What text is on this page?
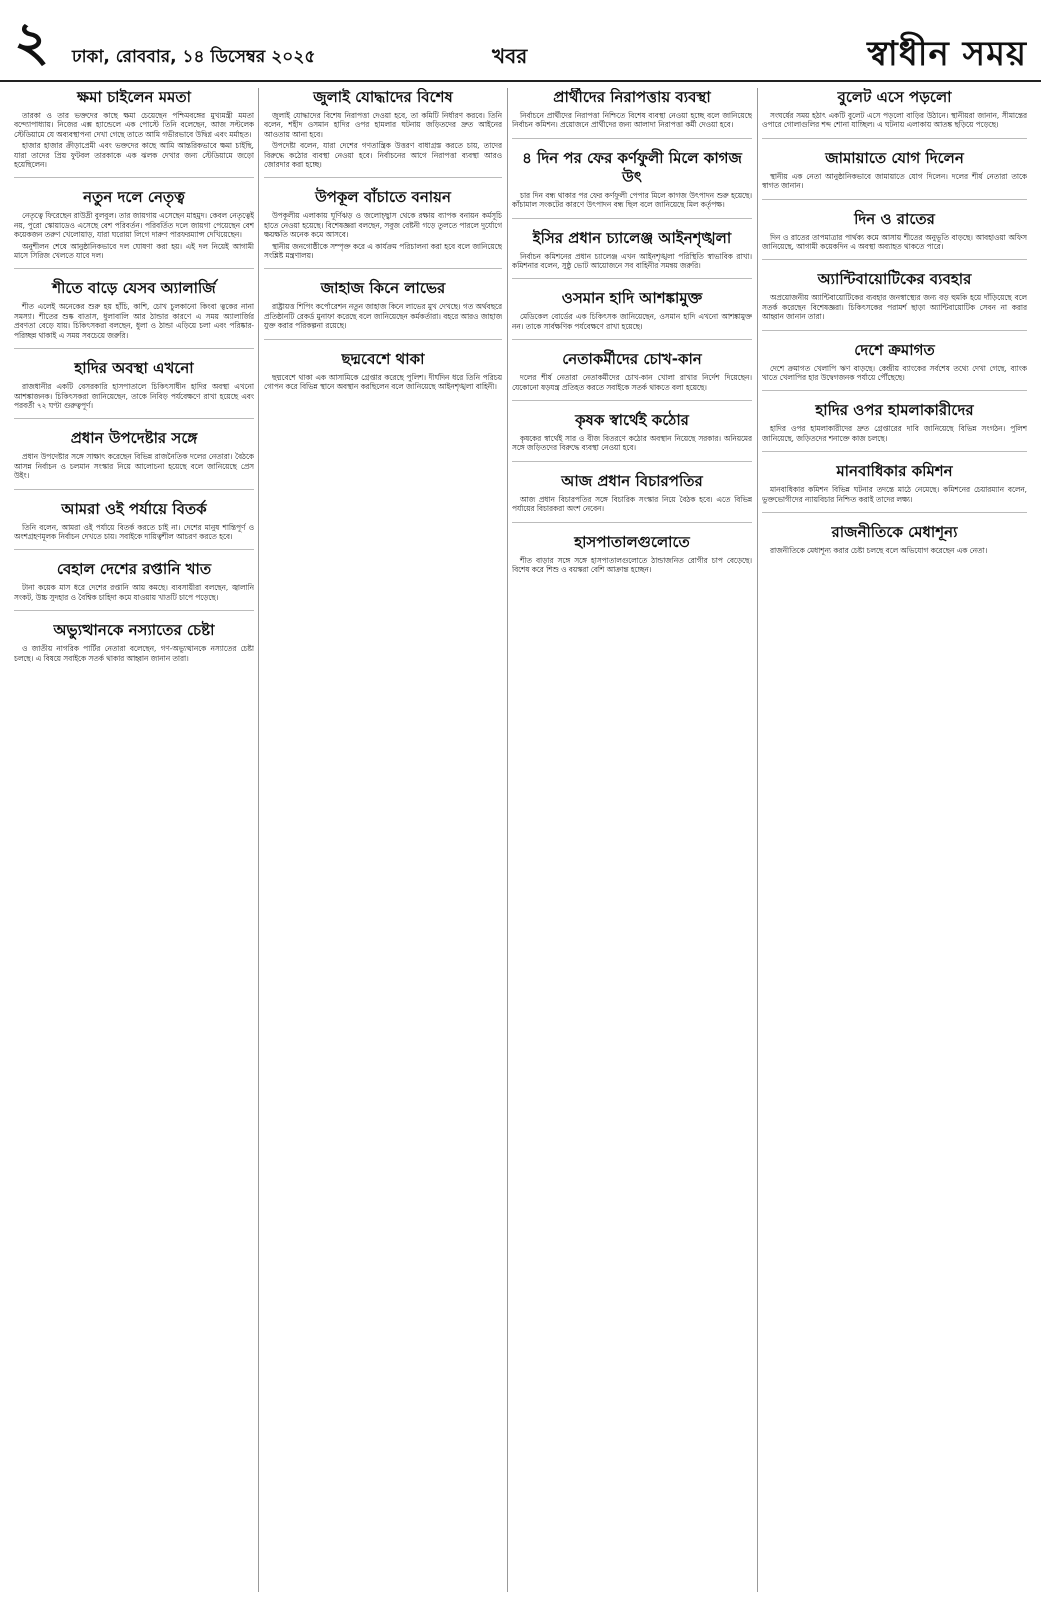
২ ঢাকা, রোববার, ১৪ ডিসেম্বর ২০২৫	খবর	স্বাধীন সময়
ক্ষমা চাইলেন মমতা

তারকা ও তার ভক্তদের কাছে ক্ষমা চেয়েছেন পশ্চিমবঙ্গের মুখ্যমন্ত্রী মমতা বন্দ্যোপাধ্যায়। নিজের এক্স হ্যান্ডেলে এক পোস্টে তিনি বলেছেন, আজ সল্টলেক স্টেডিয়ামে যে অব্যবস্থাপনা দেখা গেছে তাতে আমি গভীরভাবে উদ্বিগ্ন এবং মর্মাহত।

হাজার হাজার ক্রীড়াপ্রেমী এবং ভক্তদের কাছে আমি আন্তরিকভাবে ক্ষমা চাইছি, যারা তাদের প্রিয় ফুটবল তারকাকে এক ঝলক দেখার জন্য স্টেডিয়ামে জড়ো হয়েছিলেন।

নতুন দলে নেতৃত্ব

নেতৃত্বে ফিরেছেন রাউদ্রী বুলবুল। তার জায়গায় এসেছেন মাহমুদ। কেবল নেতৃত্বেই নয়, পুরো স্কোয়াডেও এসেছে বেশ পরিবর্তন। পরিবর্তিত দলে জায়গা পেয়েছেন বেশ কয়েকজন তরুণ খেলোয়াড়, যারা ঘরোয়া লিগে দারুণ পারফরম্যান্স দেখিয়েছেন।

অনুশীলন শেষে আনুষ্ঠানিকভাবে দল ঘোষণা করা হয়। এই দল নিয়েই আগামী মাসে সিরিজ খেলতে যাবে দল।

শীতে বাড়ে যেসব অ্যালার্জি

শীত এলেই অনেকের শুরু হয় হাঁচি, কাশি, চোখ চুলকানো কিংবা ত্বকের নানা সমস্যা। শীতের শুষ্ক বাতাস, ধুলাবালি আর ঠান্ডার কারণে এ সময় অ্যালার্জির প্রবণতা বেড়ে যায়। চিকিৎসকরা বলছেন, ধুলা ও ঠান্ডা এড়িয়ে চলা এবং পরিষ্কার-পরিচ্ছন্ন থাকাই এ সময় সবচেয়ে জরুরি।

হাদির অবস্থা এখনো

রাজধানীর একটি বেসরকারি হাসপাতালে চিকিৎসাধীন হাদির অবস্থা এখনো আশঙ্কাজনক। চিকিৎসকরা জানিয়েছেন, তাকে নিবিড় পর্যবেক্ষণে রাখা হয়েছে এবং পরবর্তী ৭২ ঘণ্টা গুরুত্বপূর্ণ।

প্রধান উপদেষ্টার সঙ্গে

প্রধান উপদেষ্টার সঙ্গে সাক্ষাৎ করেছেন বিভিন্ন রাজনৈতিক দলের নেতারা। বৈঠকে আসন্ন নির্বাচন ও চলমান সংস্কার নিয়ে আলোচনা হয়েছে বলে জানিয়েছে প্রেস উইং।

আমরা ওই পর্যায়ে বিতর্ক

তিনি বলেন, আমরা ওই পর্যায়ে বিতর্ক করতে চাই না। দেশের মানুষ শান্তিপূর্ণ ও অংশগ্রহণমূলক নির্বাচন দেখতে চায়। সবাইকে দায়িত্বশীল আচরণ করতে হবে।

বেহাল দেশের রপ্তানি খাত

টানা কয়েক মাস ধরে দেশের রপ্তানি আয় কমছে। ব্যবসায়ীরা বলছেন, জ্বালানি সংকট, উচ্চ সুদহার ও বৈশ্বিক চাহিদা কমে যাওয়ায় খাতটি চাপে পড়েছে।

অভ্যুত্থানকে নস্যাতের চেষ্টা

ও জাতীয় নাগরিক পার্টির নেতারা বলেছেন, গণ-অভ্যুত্থানকে নস্যাতের চেষ্টা চলছে। এ বিষয়ে সবাইকে সতর্ক থাকার আহ্বান জানান তারা।

জুলাই যোদ্ধাদের বিশেষ

জুলাই যোদ্ধাদের বিশেষ নিরাপত্তা দেওয়া হবে, তা কমিটি নির্ধারণ করবে। তিনি বলেন, শহীদ ওসমান হাদির ওপর হামলার ঘটনায় জড়িতদের দ্রুত আইনের আওতায় আনা হবে।

উপদেষ্টা বলেন, যারা দেশের গণতান্ত্রিক উত্তরণ বাধাগ্রস্ত করতে চায়, তাদের বিরুদ্ধে কঠোর ব্যবস্থা নেওয়া হবে। নির্বাচনের আগে নিরাপত্তা ব্যবস্থা আরও জোরদার করা হচ্ছে।

উপকূল বাঁচাতে বনায়ন

উপকূলীয় এলাকায় ঘূর্ণিঝড় ও জলোচ্ছ্বাস থেকে রক্ষায় ব্যাপক বনায়ন কর্মসূচি হাতে নেওয়া হয়েছে। বিশেষজ্ঞরা বলছেন, সবুজ বেষ্টনী গড়ে তুলতে পারলে দুর্যোগে ক্ষয়ক্ষতি অনেক কমে আসবে।

স্থানীয় জনগোষ্ঠীকে সম্পৃক্ত করে এ কার্যক্রম পরিচালনা করা হবে বলে জানিয়েছে সংশ্লিষ্ট মন্ত্রণালয়।

জাহাজ কিনে লাভের

রাষ্ট্রায়ত্ত শিপিং কর্পোরেশন নতুন জাহাজ কিনে লাভের মুখ দেখছে। গত অর্থবছরে প্রতিষ্ঠানটি রেকর্ড মুনাফা করেছে বলে জানিয়েছেন কর্মকর্তারা। বহরে আরও জাহাজ যুক্ত করার পরিকল্পনা রয়েছে।

ছদ্মবেশে থাকা

ছদ্মবেশে থাকা এক আসামিকে গ্রেপ্তার করেছে পুলিশ। দীর্ঘদিন ধরে তিনি পরিচয় গোপন করে বিভিন্ন স্থানে অবস্থান করছিলেন বলে জানিয়েছে আইনশৃঙ্খলা বাহিনী।

প্রার্থীদের নিরাপত্তায় ব্যবস্থা

নির্বাচনে প্রার্থীদের নিরাপত্তা নিশ্চিতে বিশেষ ব্যবস্থা নেওয়া হচ্ছে বলে জানিয়েছে নির্বাচন কমিশন। প্রয়োজনে প্রার্থীদের জন্য আলাদা নিরাপত্তা কর্মী দেওয়া হবে।

৪ দিন পর ফের কর্ণফুলী মিলে কাগজ উৎ

চার দিন বন্ধ থাকার পর ফের কর্ণফুলী পেপার মিলে কাগজ উৎপাদন শুরু হয়েছে। কাঁচামাল সংকটের কারণে উৎপাদন বন্ধ ছিল বলে জানিয়েছে মিল কর্তৃপক্ষ।

ইসির প্রধান চ্যালেঞ্জ আইনশৃঙ্খলা

নির্বাচন কমিশনের প্রধান চ্যালেঞ্জ এখন আইনশৃঙ্খলা পরিস্থিতি স্বাভাবিক রাখা। কমিশনার বলেন, সুষ্ঠু ভোট আয়োজনে সব বাহিনীর সমন্বয় জরুরি।

ওসমান হাদি আশঙ্কামুক্ত

মেডিকেল বোর্ডের এক চিকিৎসক জানিয়েছেন, ওসমান হাদি এখনো আশঙ্কামুক্ত নন। তাকে সার্বক্ষণিক পর্যবেক্ষণে রাখা হয়েছে।

নেতাকর্মীদের চোখ-কান

দলের শীর্ষ নেতারা নেতাকর্মীদের চোখ-কান খোলা রাখার নির্দেশ দিয়েছেন। যেকোনো ষড়যন্ত্র প্রতিহত করতে সবাইকে সতর্ক থাকতে বলা হয়েছে।

কৃষক স্বার্থেই কঠোর

কৃষকের স্বার্থেই সার ও বীজ বিতরণে কঠোর অবস্থান নিয়েছে সরকার। অনিয়মের সঙ্গে জড়িতদের বিরুদ্ধে ব্যবস্থা নেওয়া হবে।

আজ প্রধান বিচারপতির

আজ প্রধান বিচারপতির সঙ্গে বিচারিক সংস্কার নিয়ে বৈঠক হবে। এতে বিভিন্ন পর্যায়ের বিচারকরা অংশ নেবেন।

হাসপাতালগুলোতে

শীত বাড়ার সঙ্গে সঙ্গে হাসপাতালগুলোতে ঠান্ডাজনিত রোগীর চাপ বেড়েছে। বিশেষ করে শিশু ও বয়স্করা বেশি আক্রান্ত হচ্ছেন।

বুলেট এসে পড়লো

সংঘর্ষের সময় হঠাৎ একটি বুলেট এসে পড়লো বাড়ির উঠানে। স্থানীয়রা জানান, সীমান্তের ওপারে গোলাগুলির শব্দ শোনা যাচ্ছিল। এ ঘটনায় এলাকায় আতঙ্ক ছড়িয়ে পড়েছে।

জামায়াতে যোগ দিলেন

স্থানীয় এক নেতা আনুষ্ঠানিকভাবে জামায়াতে যোগ দিলেন। দলের শীর্ষ নেতারা তাকে স্বাগত জানান।

দিন ও রাতের

দিন ও রাতের তাপমাত্রার পার্থক্য কমে আসায় শীতের অনুভূতি বাড়ছে। আবহাওয়া অফিস জানিয়েছে, আগামী কয়েকদিন এ অবস্থা অব্যাহত থাকতে পারে।

অ্যান্টিবায়োটিকের ব্যবহার

অপ্রয়োজনীয় অ্যান্টিবায়োটিকের ব্যবহার জনস্বাস্থ্যের জন্য বড় হুমকি হয়ে দাঁড়িয়েছে বলে সতর্ক করেছেন বিশেষজ্ঞরা। চিকিৎসকের পরামর্শ ছাড়া অ্যান্টিবায়োটিক সেবন না করার আহ্বান জানান তারা।

দেশে ক্রমাগত

দেশে ক্রমাগত খেলাপি ঋণ বাড়ছে। কেন্দ্রীয় ব্যাংকের সর্বশেষ তথ্যে দেখা গেছে, ব্যাংক খাতে খেলাপির হার উদ্বেগজনক পর্যায়ে পৌঁছেছে।

হাদির ওপর হামলাকারীদের

হাদির ওপর হামলাকারীদের দ্রুত গ্রেপ্তারের দাবি জানিয়েছে বিভিন্ন সংগঠন। পুলিশ জানিয়েছে, জড়িতদের শনাক্তে কাজ চলছে।

মানবাধিকার কমিশন

মানবাধিকার কমিশন বিভিন্ন ঘটনার তদন্তে মাঠে নেমেছে। কমিশনের চেয়ারম্যান বলেন, ভুক্তভোগীদের ন্যায়বিচার নিশ্চিত করাই তাদের লক্ষ্য।

রাজনীতিকে মেধাশূন্য

রাজনীতিকে মেধাশূন্য করার চেষ্টা চলছে বলে অভিযোগ করেছেন এক নেতা।
